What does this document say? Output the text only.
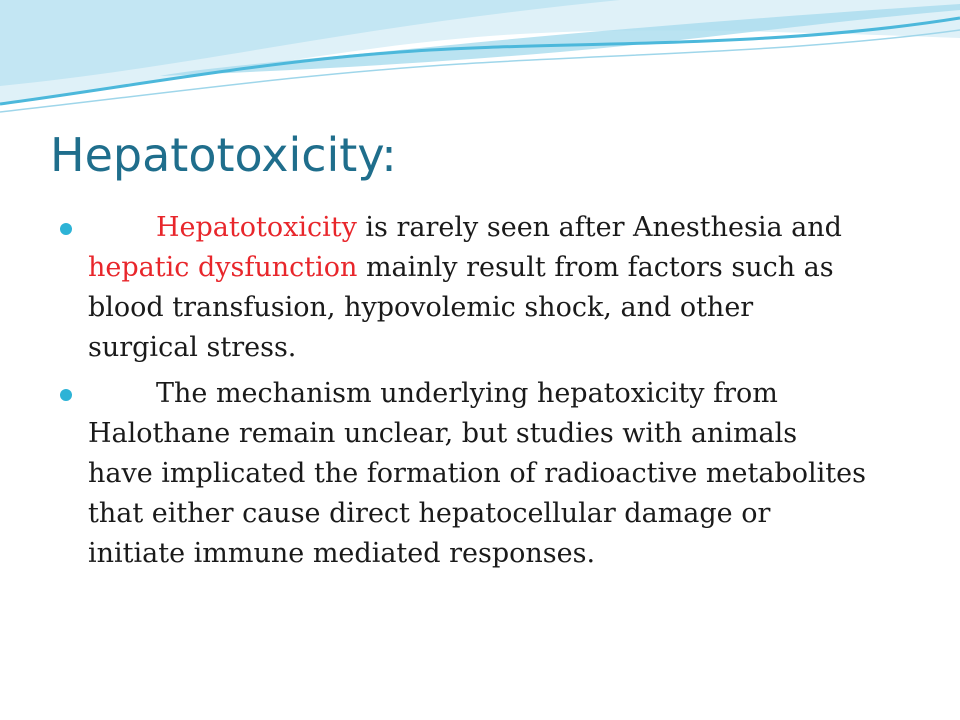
Hepatotoxicity:
Hepatotoxicity is rarely seen after Anesthesia and hepatic dysfunction mainly result from factors such as blood transfusion, hypovolemic shock, and other surgical stress.
The mechanism underlying hepatoxicity from Halothane remain unclear, but studies with animals have implicated the formation of radioactive metabolites that either cause direct hepatocellular damage or initiate immune mediated responses.
